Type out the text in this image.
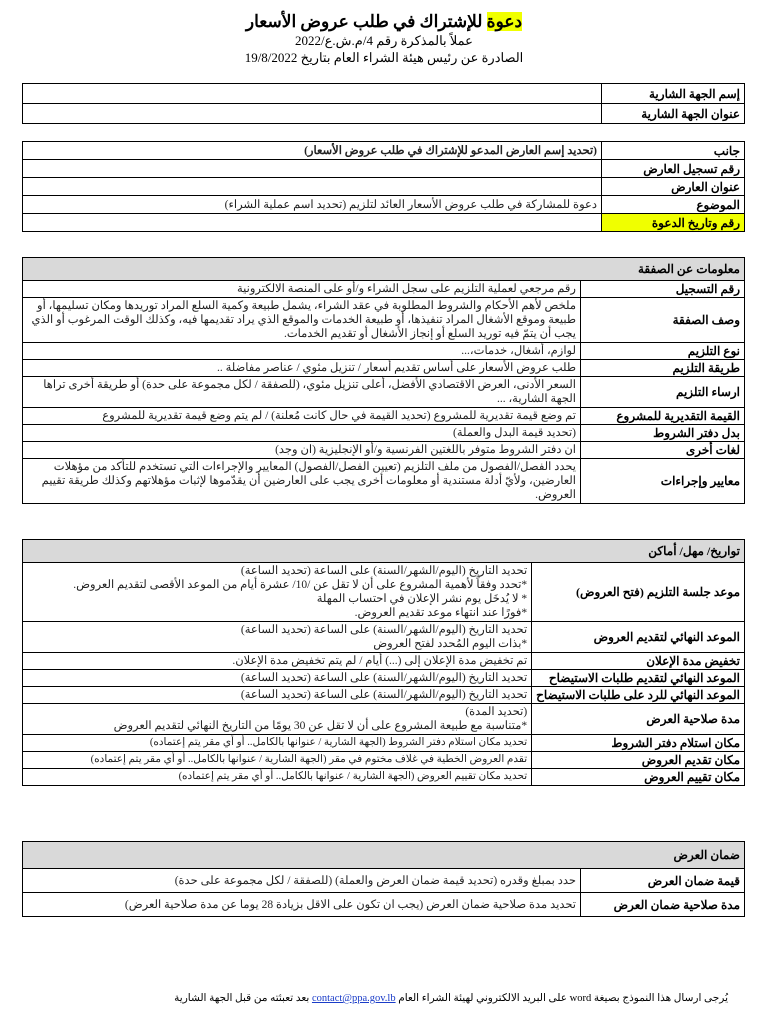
دعوة للإشتراك في طلب عروض الأسعار
عملاً بالمذكرة رقم 4/م.ش.ع/2022
الصادرة عن رئيس هيئة الشراء العام بتاريخ 19/8/2022
إسم الجهة الشارية	
عنوان الجهة الشارية	
جانب	(تحديد إسم العارض المدعو للإشتراك في طلب عروض الأسعار)
رقم تسجيل العارض	
عنوان العارض	
الموضوع	دعوة للمشاركة في طلب عروض الأسعار العائد لتلزيم (تحديد اسم عملية الشراء)
رقم وتاريخ الدعوة	
معلومات عن الصفقة	
رقم التسجيل	رقم مرجعي لعملية التلزيم على سجل الشراء و/أو على المنصة الالكترونية
وصف الصفقة	ملخص لأهم الأحكام والشروط المطلوبة في عقد الشراء، يشمل طبيعة وكمية السلع المراد توريدها ومكان تسليمها، أو طبيعة وموقع الأشغال المراد تنفيذها، أو طبيعة الخدمات والموقع الذي يراد تقديمها فيه، وكذلك الوقت المرغوب أو الذي يجب أن يتمّ فيه توريد السلع أو إنجاز الأشغال أو تقديم الخدمات.
نوع التلزيم	لوازم، أشغال، خدمات،...
طريقة التلزيم	طلب عروض الأسعار على أساس تقديم أسعار / تنزيل مئوي / عناصر مفاضلة ..
ارساء التلزيم	السعر الأدنى، العرض الاقتصادي الأفضل، أعلى تنزيل مئوي، (للصفقة / لكل مجموعة على حدة) أو طريقة أخرى تراها الجهة الشارية، ...
القيمة التقديرية للمشروع	تم وضع قيمة تقديرية للمشروع (تحديد القيمة في حال كانت مُعلنة) / لم يتم وضع قيمة تقديرية للمشروع
بدل دفتر الشروط	(تحديد قيمة البدل والعملة)
لغات أخرى	ان دفتر الشروط متوفر باللغتين الفرنسية و/أو الإنجليزية (ان وجد)
معايير وإجراءات	يحدد الفصل/الفصول من ملف التلزيم (تعيين الفصل/الفصول) المعايير والإجراءات التي تستخدم للتأكد من مؤهلات العارضين، ولأيّ أدلة مستندية أو معلومات أخرى يجب على العارضين أن يقدّموها لإثبات مؤهلاتهم وكذلك طريقة تقييم العروض.
تواريخ/ مهل/ أماكن	
موعد جلسة التلزيم (فتح العروض)	تحديد التاريخ (اليوم/الشهر/السنة) على الساعة (تحديد الساعة)
*تحدد وفقاً لأهمية المشروع على أن لا تقل عن /10/ عشرة أيام من الموعد الأقصى لتقديم العروض.
* لا يُدخَل يوم نشر الإعلان في احتساب المهلة
*فورًا عند انتهاء موعد تقديم العروض.

الموعد النهائي لتقديم العروض	تحديد التاريخ (اليوم/الشهر/السنة) على الساعة (تحديد الساعة)
*بذات اليوم المُحدد لفتح العروض

تخفيض مدة الإعلان	تم تخفيض مدة الإعلان إلى (...) أيام / لم يتم تخفيض مدة الإعلان.

الموعد النهائي لتقديم طلبات الاستيضاح	تحديد التاريخ (اليوم/الشهر/السنة) على الساعة (تحديد الساعة)

الموعد النهائي للرد على طلبات الاستيضاح	تحديد التاريخ (اليوم/الشهر/السنة) على الساعة (تحديد الساعة)

مدة صلاحية العرض	(تحديد المدة)
*متناسبة مع طبيعة المشروع على أن لا تقل عن 30 يومًا من التاريخ النهائي لتقديم العروض

مكان استلام دفتر الشروط	تحديد مكان استلام دفتر الشروط (الجهة الشارية / عنوانها بالكامل.. أو أي مقر يتم إعتماده)

مكان تقديم العروض	تقدم العروض الخطية في غلاف مختوم في مقر (الجهة الشارية / عنوانها بالكامل.. أو أي مقر يتم إعتماده)

مكان تقييم العروض	تحديد مكان تقييم العروض (الجهة الشارية / عنوانها بالكامل.. أو أي مقر يتم إعتماده)
ضمان العرض	
قيمة ضمان العرض	حدد بمبلغ وقدره (تحديد قيمة ضمان العرض والعملة) (للصفقة / لكل مجموعة على حدة)
مدة صلاحية ضمان العرض	تحديد مدة صلاحية ضمان العرض (يجب ان تكون على الاقل بزيادة 28 يوما عن مدة صلاحية العرض)
يُرجى ارسال هذا النموذج بصيغة word على البريد الالكتروني لهيئة الشراء العام contact@ppa.gov.lb بعد تعبئته من قبل الجهة الشارية
